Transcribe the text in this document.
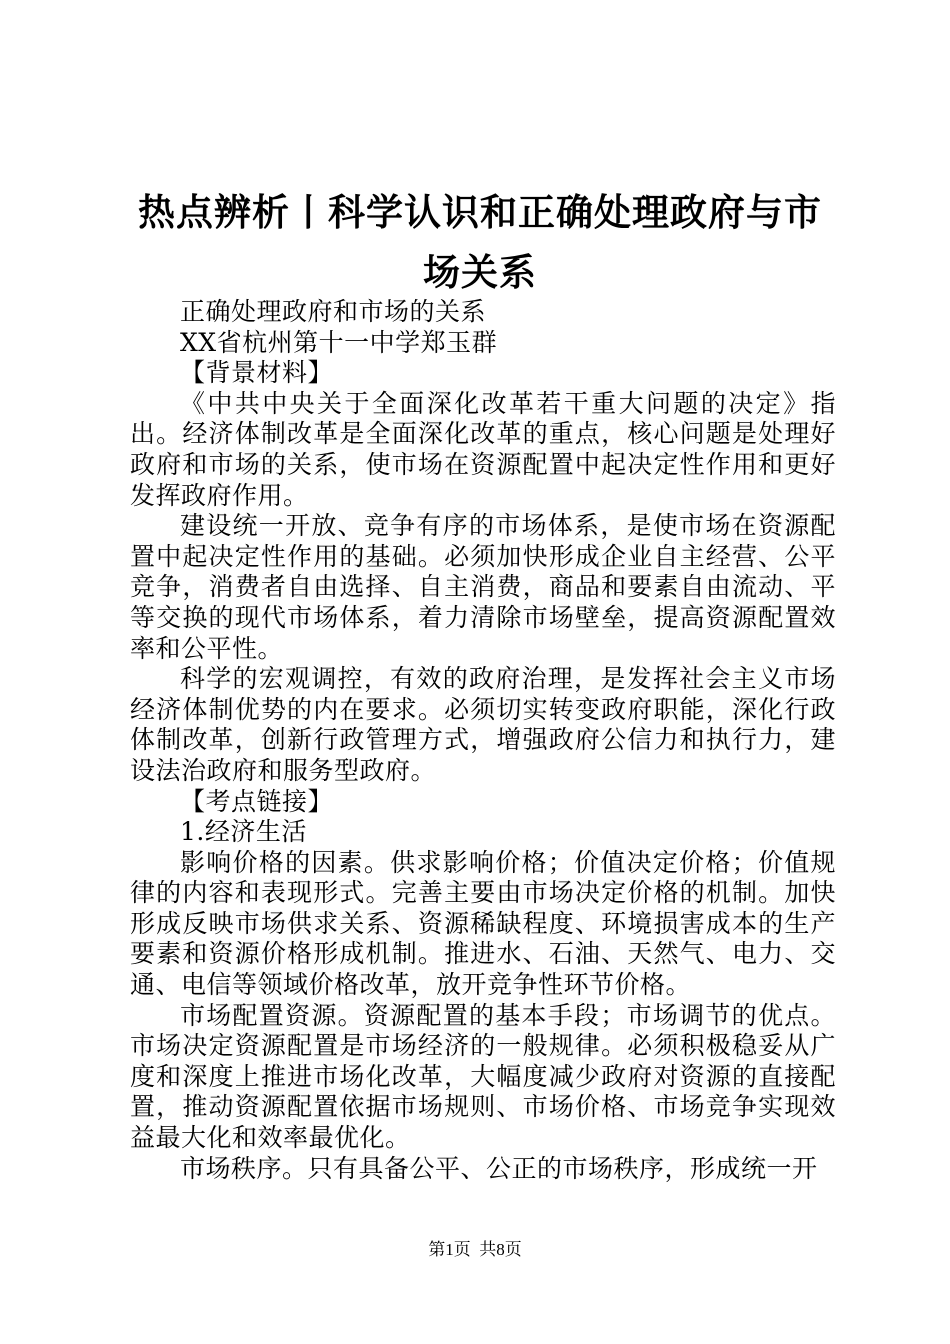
热点辨析丨科学认识和正确处理政府与市场关系

正确处理政府和市场的关系

XX省杭州第十一中学郑玉群

【背景材料】

《中共中央关于全面深化改革若干重大问题的决定》指出。经济体制改革是全面深化改革的重点，核心问题是处理好政府和市场的关系，使市场在资源配置中起决定性作用和更好发挥政府作用。

建设统一开放、竞争有序的市场体系，是使市场在资源配置中起决定性作用的基础。必须加快形成企业自主经营、公平竞争，消费者自由选择、自主消费，商品和要素自由流动、平等交换的现代市场体系，着力清除市场壁垒，提高资源配置效率和公平性。

科学的宏观调控，有效的政府治理，是发挥社会主义市场经济体制优势的内在要求。必须切实转变政府职能，深化行政体制改革，创新行政管理方式，增强政府公信力和执行力，建设法治政府和服务型政府。

【考点链接】

1.经济生活

影响价格的因素。供求影响价格；价值决定价格；价值规律的内容和表现形式。完善主要由市场决定价格的机制。加快形成反映市场供求关系、资源稀缺程度、环境损害成本的生产要素和资源价格形成机制。推进水、石油、天然气、电力、交通、电信等领域价格改革，放开竞争性环节价格。

市场配置资源。资源配置的基本手段；市场调节的优点。市场决定资源配置是市场经济的一般规律。必须积极稳妥从广度和深度上推进市场化改革，大幅度减少政府对资源的直接配置，推动资源配置依据市场规则、市场价格、市场竞争实现效益最大化和效率最优化。

市场秩序。只有具备公平、公正的市场秩序，形成统一开

第1页 共8页
